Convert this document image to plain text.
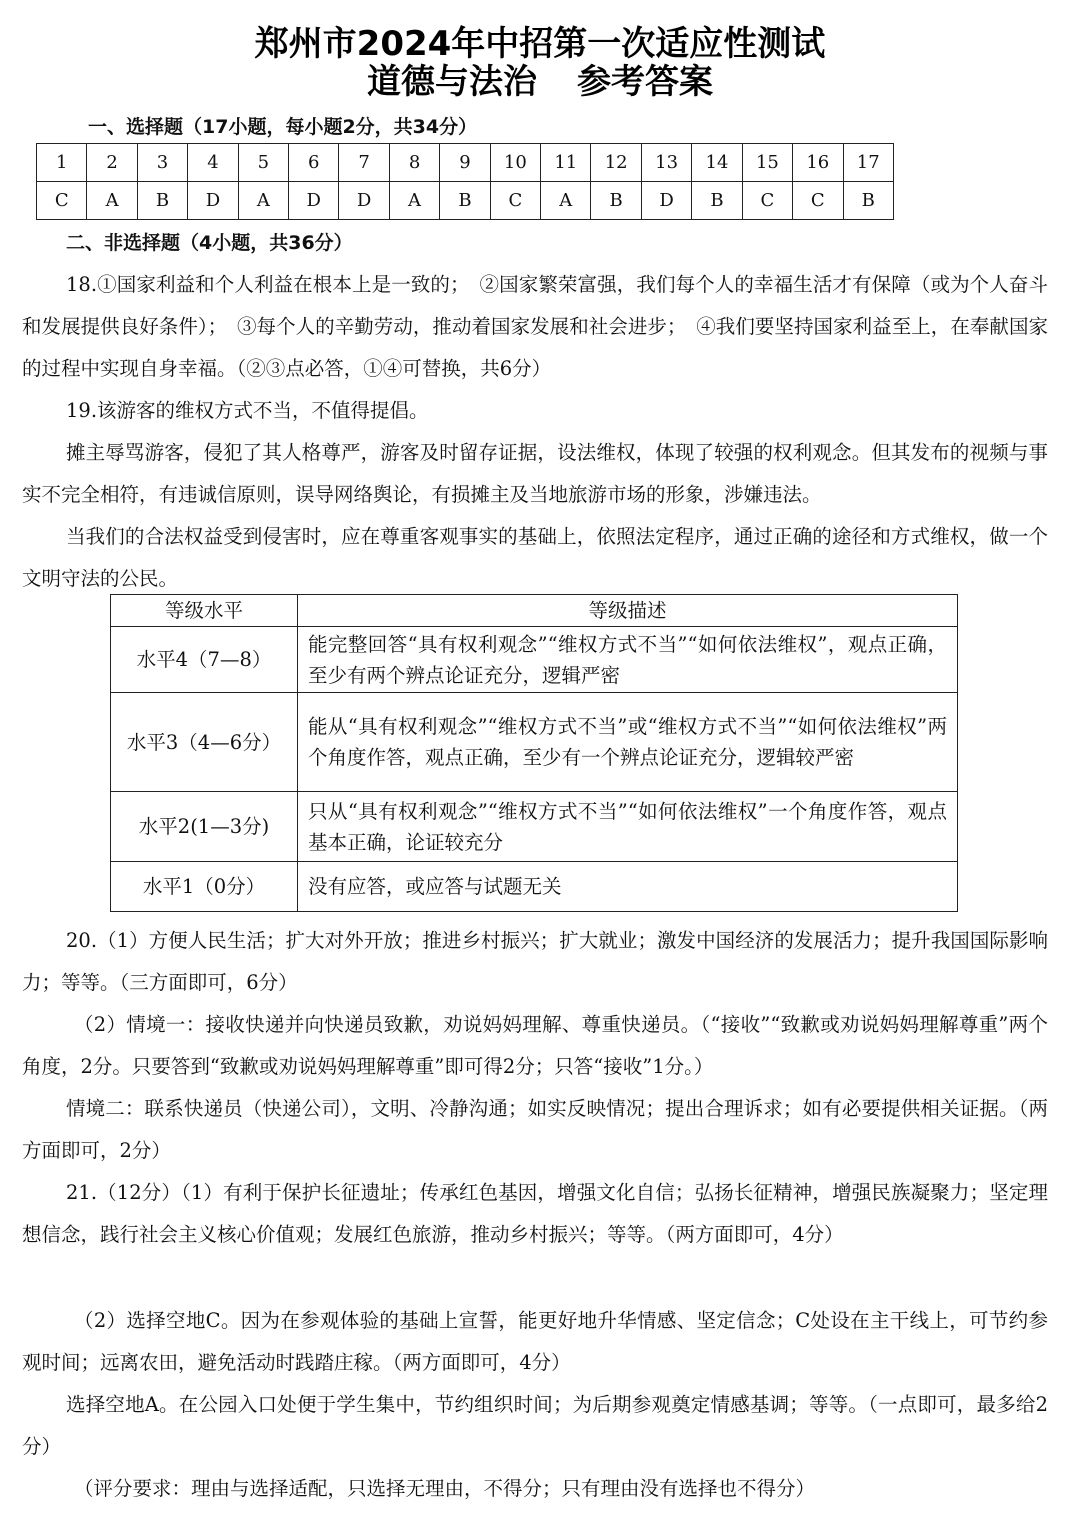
郑州市2024年中招第一次适应性测试
道德与法治 参考答案
一、选择题（17小题，每小题2分，共34分）
1	2	3	4	5	6	7	8	9	10	11	12	13	14	15	16	17
C	A	B	D	A	D	D	A	B	C	A	B	D	B	C	C	B
二、非选择题（4小题，共36分）
18.①国家利益和个人利益在根本上是一致的；　②国家繁荣富强，我们每个人的幸福生活才有保障（或为个人奋斗和发展提供良好条件）；　③每个人的辛勤劳动，推动着国家发展和社会进步；　④我们要坚持国家利益至上，在奉献国家的过程中实现自身幸福。（②③点必答，①④可替换，共6分）
19.该游客的维权方式不当，不值得提倡。
摊主辱骂游客，侵犯了其人格尊严，游客及时留存证据，设法维权，体现了较强的权利观念。但其发布的视频与事实不完全相符，有违诚信原则，误导网络舆论，有损摊主及当地旅游市场的形象，涉嫌违法。
当我们的合法权益受到侵害时，应在尊重客观事实的基础上，依照法定程序，通过正确的途径和方式维权，做一个文明守法的公民。
等级水平	等级描述
水平4（7—8）	能完整回答“具有权利观念”“维权方式不当”“如何依法维权”，观点正确，至少有两个辨点论证充分，逻辑严密
水平3（4—6分）	能从“具有权利观念”“维权方式不当”或“维权方式不当”“如何依法维权”两个角度作答，观点正确，至少有一个辨点论证充分，逻辑较严密
水平2(1—3分)	只从“具有权利观念”“维权方式不当”“如何依法维权”一个角度作答，观点基本正确，论证较充分
水平1（0分）	没有应答，或应答与试题无关
20.（1）方便人民生活；扩大对外开放；推进乡村振兴；扩大就业；激发中国经济的发展活力；提升我国国际影响力；等等。（三方面即可，6分）
（2）情境一：接收快递并向快递员致歉，劝说妈妈理解、尊重快递员。（“接收”“致歉或劝说妈妈理解尊重”两个角度，2分。只要答到“致歉或劝说妈妈理解尊重”即可得2分；只答“接收”1分。）
情境二：联系快递员（快递公司），文明、冷静沟通；如实反映情况；提出合理诉求；如有必要提供相关证据。（两方面即可，2分）
21.（12分）（1）有利于保护长征遗址；传承红色基因，增强文化自信；弘扬长征精神，增强民族凝聚力；坚定理想信念，践行社会主义核心价值观；发展红色旅游，推动乡村振兴；等等。（两方面即可，4分）
（2）选择空地C。因为在参观体验的基础上宣誓，能更好地升华情感、坚定信念；C处设在主干线上，可节约参观时间；远离农田，避免活动时践踏庄稼。（两方面即可，4分）
选择空地A。在公园入口处便于学生集中，节约组织时间；为后期参观奠定情感基调；等等。（一点即可，最多给2分）
（评分要求：理由与选择适配，只选择无理由，不得分；只有理由没有选择也不得分）
